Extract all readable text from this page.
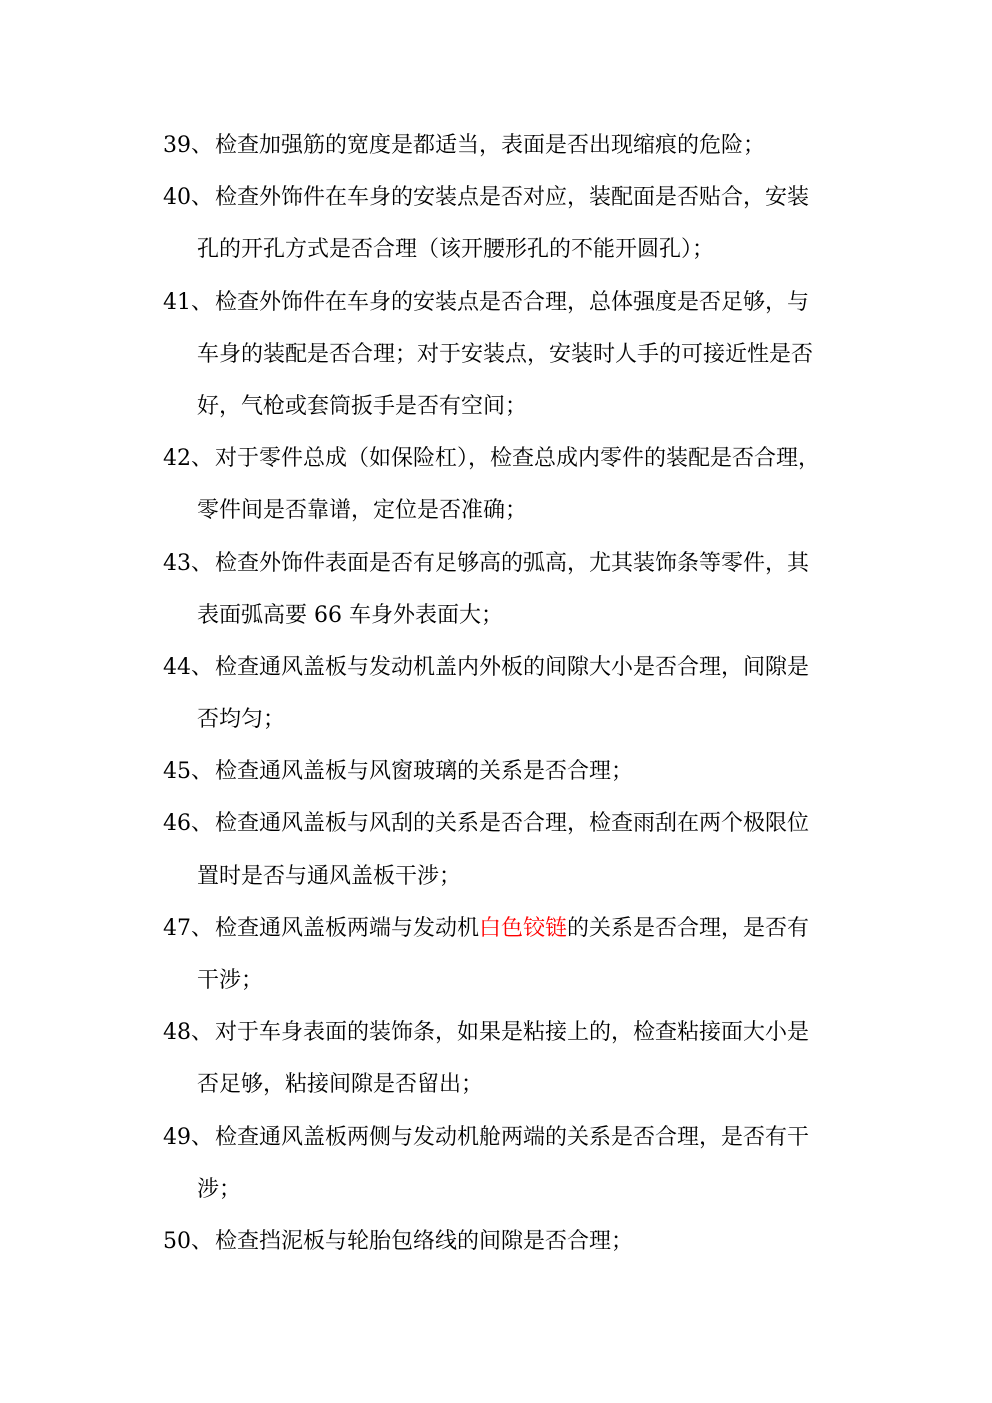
39、检查加强筋的宽度是都适当，表面是否出现缩痕的危险；
40、检查外饰件在车身的安装点是否对应，装配面是否贴合，安装
孔的开孔方式是否合理（该开腰形孔的不能开圆孔）；
41、检查外饰件在车身的安装点是否合理，总体强度是否足够，与
车身的装配是否合理；对于安装点，安装时人手的可接近性是否
好，气枪或套筒扳手是否有空间；
42、对于零件总成（如保险杠），检查总成内零件的装配是否合理，
零件间是否靠谱，定位是否准确；
43、检查外饰件表面是否有足够高的弧高，尤其装饰条等零件，其
表面弧高要 66 车身外表面大；
44、检查通风盖板与发动机盖内外板的间隙大小是否合理，间隙是
否均匀；
45、检查通风盖板与风窗玻璃的关系是否合理；
46、检查通风盖板与风刮的关系是否合理，检查雨刮在两个极限位
置时是否与通风盖板干涉；
47、检查通风盖板两端与发动机白色铰链的关系是否合理，是否有
干涉；
48、对于车身表面的装饰条，如果是粘接上的，检查粘接面大小是
否足够，粘接间隙是否留出；
49、检查通风盖板两侧与发动机舱两端的关系是否合理，是否有干
涉；
50、检查挡泥板与轮胎包络线的间隙是否合理；
